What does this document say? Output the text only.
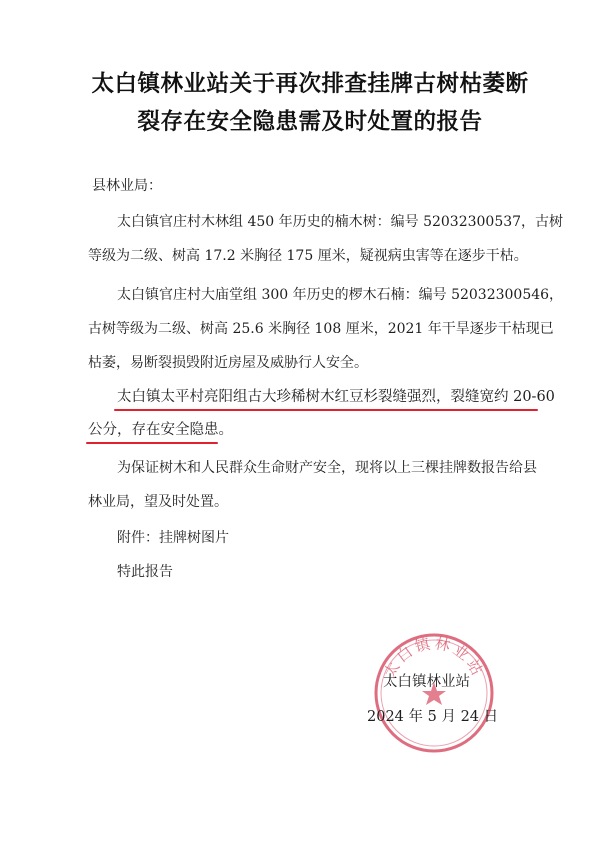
太白镇林业站关于再次排查挂牌古树枯萎断
裂存在安全隐患需及时处置的报告
县林业局：
太白镇官庄村木林组 450 年历史的楠木树：编号 52032300537，古树
等级为二级、树高 17.2 米胸径 175 厘米，疑视病虫害等在逐步干枯。
太白镇官庄村大庙堂组 300 年历史的椤木石楠：编号 52032300546，
古树等级为二级、树高 25.6 米胸径 108 厘米，2021 年干旱逐步干枯现已
枯萎，易断裂损毁附近房屋及威胁行人安全。
太白镇太平村亮阳组古大珍稀树木红豆杉裂缝强烈，裂缝宽约 20-60
公分，存在安全隐患。
为保证树木和人民群众生命财产安全，现将以上三棵挂牌数报告给县
林业局，望及时处置。
附件：挂牌树图片
特此报告
太白镇林业站
太白镇林业站
2024 年 5 月 24 日
